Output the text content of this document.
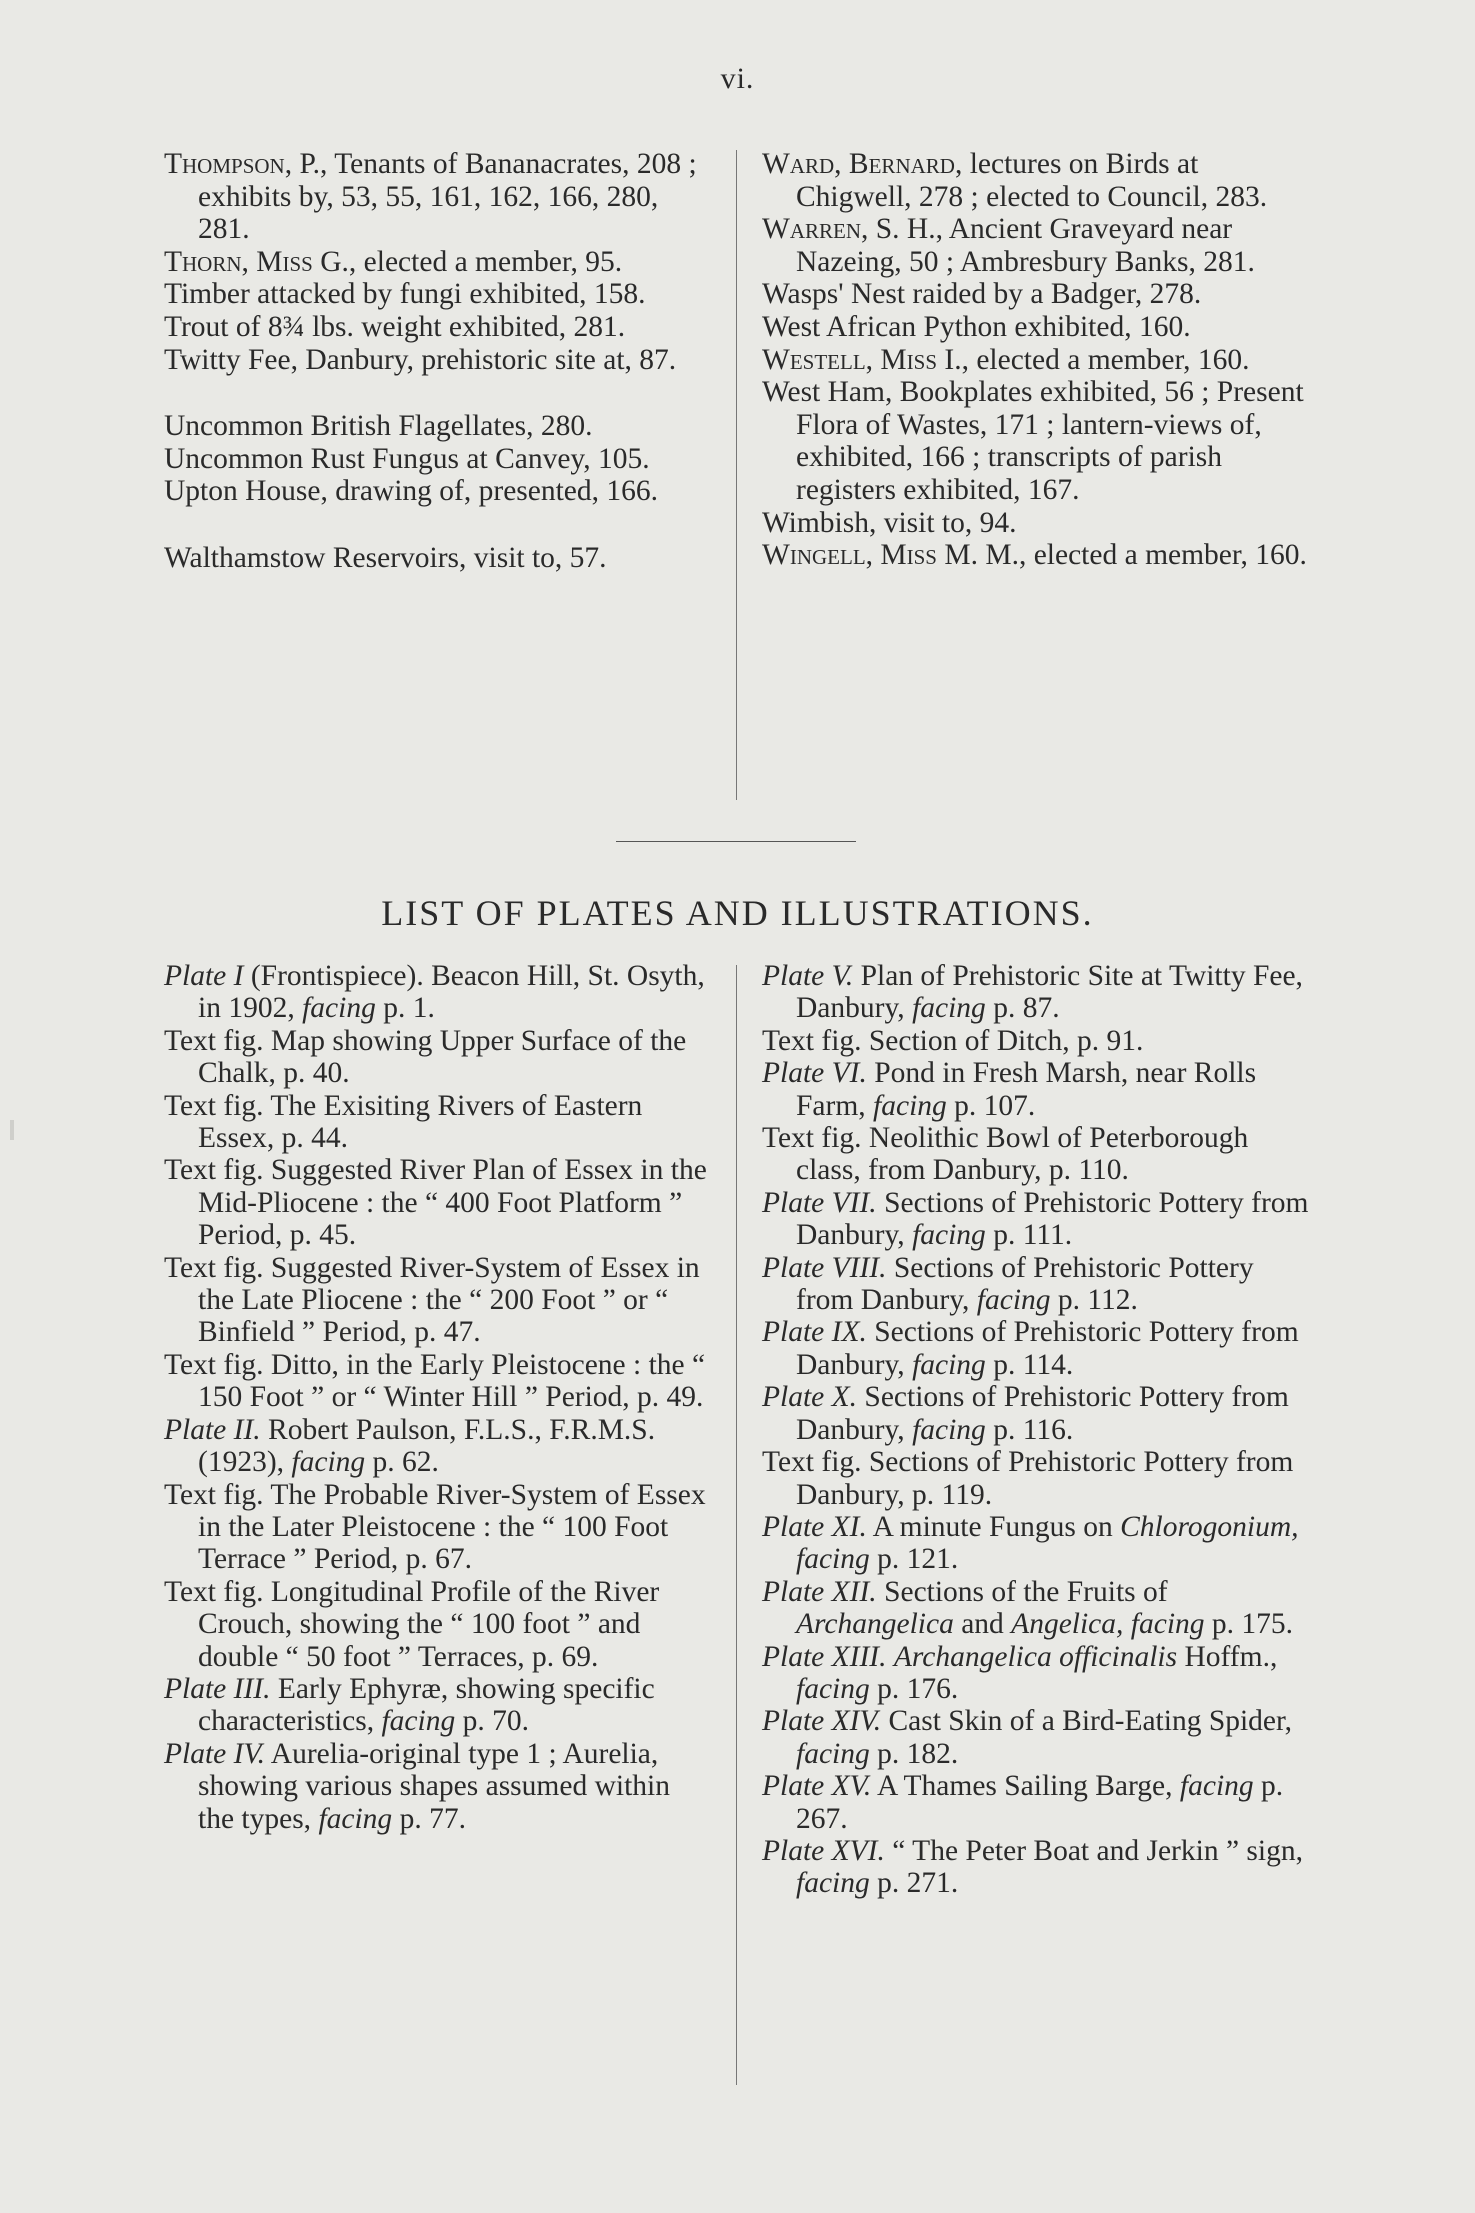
vi.

Thompson, P., Tenants of Bananacrates, 208 ; exhibits by, 53, 55, 161, 162, 166, 280, 281.

Thorn, Miss G., elected a member, 95.

Timber attacked by fungi exhibited, 158.

Trout of 8¾ lbs. weight exhibited, 281.

Twitty Fee, Danbury, prehistoric site at, 87.

Uncommon British Flagellates, 280.

Uncommon Rust Fungus at Canvey, 105.

Upton House, drawing of, presented, 166.

Walthamstow Reservoirs, visit to, 57.

Ward, Bernard, lectures on Birds at Chigwell, 278 ; elected to Council, 283.

Warren, S. H., Ancient Graveyard near Nazeing, 50 ; Ambresbury Banks, 281.

Wasps' Nest raided by a Badger, 278.

West African Python exhibited, 160.

Westell, Miss I., elected a member, 160.

West Ham, Bookplates exhibited, 56 ; Present Flora of Wastes, 171 ; lantern-views of, exhibited, 166 ; transcripts of parish registers exhibited, 167.

Wimbish, visit to, 94.

Wingell, Miss M. M., elected a member, 160.

LIST OF PLATES AND ILLUSTRATIONS.

Plate I (Frontispiece). Beacon Hill, St. Osyth, in 1902, facing p. 1.

Text fig. Map showing Upper Surface of the Chalk, p. 40.

Text fig. The Exisiting Rivers of Eastern Essex, p. 44.

Text fig. Suggested River Plan of Essex in the Mid-Pliocene : the “ 400 Foot Platform ” Period, p. 45.

Text fig. Suggested River-System of Essex in the Late Pliocene : the “ 200 Foot ” or “ Binfield ” Period, p. 47.

Text fig. Ditto, in the Early Pleistocene : the “ 150 Foot ” or “ Winter Hill ” Period, p. 49.

Plate II. Robert Paulson, F.L.S., F.R.M.S. (1923), facing p. 62.

Text fig. The Probable River-System of Essex in the Later Pleistocene : the “ 100 Foot Terrace ” Period, p. 67.

Text fig. Longitudinal Profile of the River Crouch, showing the “ 100 foot ” and double “ 50 foot ” Terraces, p. 69.

Plate III. Early Ephyræ, showing specific characteristics, facing p. 70.

Plate IV. Aurelia-original type 1 ; Aurelia, showing various shapes assumed within the types, facing p. 77.

Plate V. Plan of Prehistoric Site at Twitty Fee, Danbury, facing p. 87.

Text fig. Section of Ditch, p. 91.

Plate VI. Pond in Fresh Marsh, near Rolls Farm, facing p. 107.

Text fig. Neolithic Bowl of Peterborough class, from Danbury, p. 110.

Plate VII. Sections of Prehistoric Pottery from Danbury, facing p. 111.

Plate VIII. Sections of Prehistoric Pottery from Danbury, facing p. 112.

Plate IX. Sections of Prehistoric Pottery from Danbury, facing p. 114.

Plate X. Sections of Prehistoric Pottery from Danbury, facing p. 116.

Text fig. Sections of Prehistoric Pottery from Danbury, p. 119.

Plate XI. A minute Fungus on Chlorogonium, facing p. 121.

Plate XII. Sections of the Fruits of Archangelica and Angelica, facing p. 175.

Plate XIII. Archangelica officinalis Hoffm., facing p. 176.

Plate XIV. Cast Skin of a Bird-Eating Spider, facing p. 182.

Plate XV. A Thames Sailing Barge, facing p. 267.

Plate XVI. “ The Peter Boat and Jerkin ” sign, facing p. 271.
